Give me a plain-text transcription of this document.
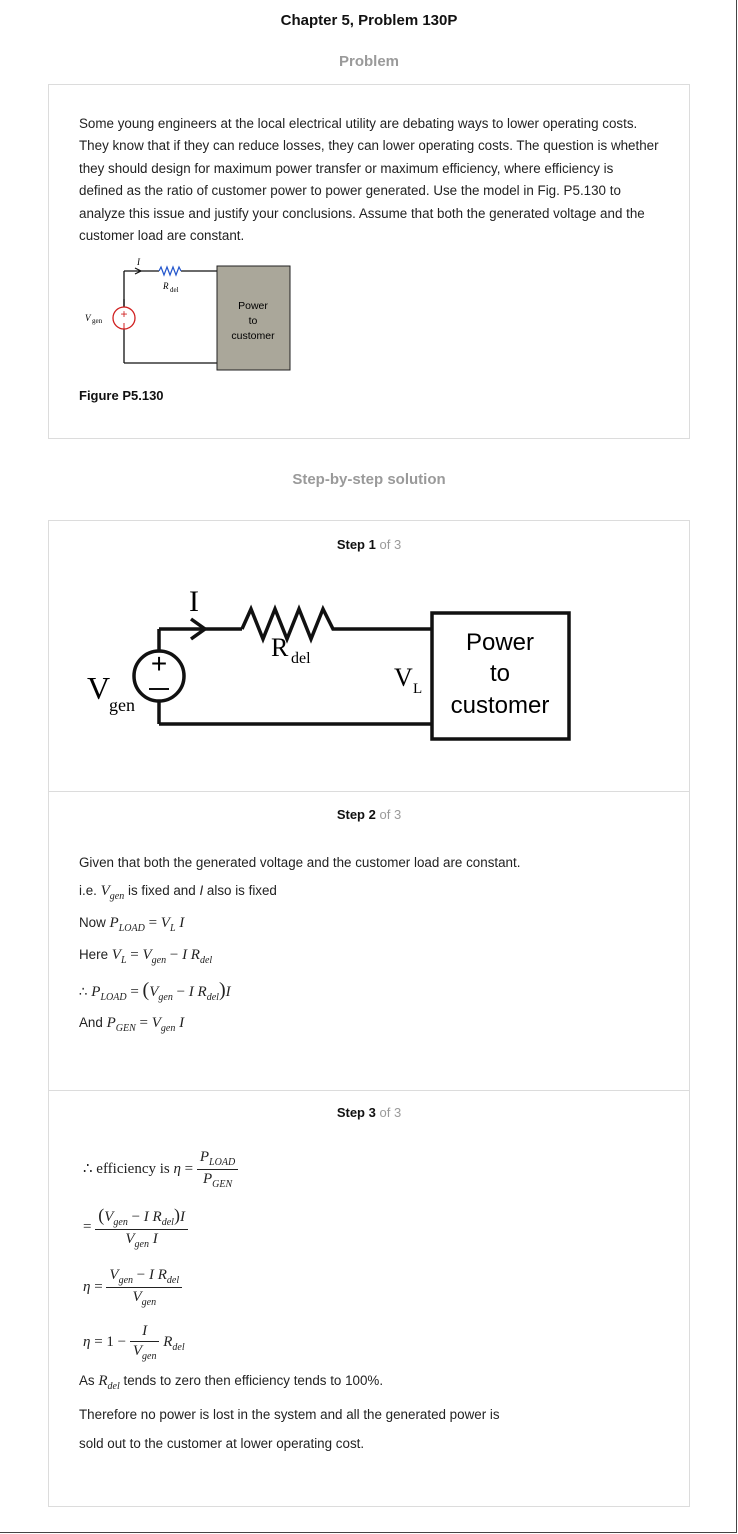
Chapter 5, Problem 130P
Problem
Some young engineers at the local electrical utility are debating ways to lower operating costs. They know that if they can reduce losses, they can lower operating costs. The question is whether they should design for maximum power transfer or maximum efficiency, where efficiency is defined as the ratio of customer power to power generated. Use the model in Fig. P5.130 to analyze this issue and justify your conclusions. Assume that both the generated voltage and the customer load are constant.
+
I
R del
V gen
Power
to
customer
Figure P5.130
Step-by-step solution
Step 1 of 3
+
I
R del
V
gen
V L
Power
to
customer
Step 2 of 3
Given that both the generated voltage and the customer load are constant.
i.e. $V_{gen}$ is fixed and I also is fixed
Now $P_{LOAD} = V_L$ I
Here $V_L = V_{gen} - I$ $R_{del}$
∴ $P_{LOAD} = (V_{gen} - I$ $R_{del})I$
And $P_{GEN} = V_{gen}$ I
Step 3 of 3
∴ efficiency is $\eta = \frac{P_{LOAD}}{P_{GEN}}$
= $\frac{(V_{gen} - I R_{del})I}{V_{gen} I}$
$\eta = \frac{V_{gen} - I R_{del}}{V_{gen}}$
$\eta = 1 - \frac{I}{V_{gen}} R_{del}$
As $R_{del}$ tends to zero then efficiency tends to 100%.
Therefore no power is lost in the system and all the generated power is
sold out to the customer at lower operating cost.
